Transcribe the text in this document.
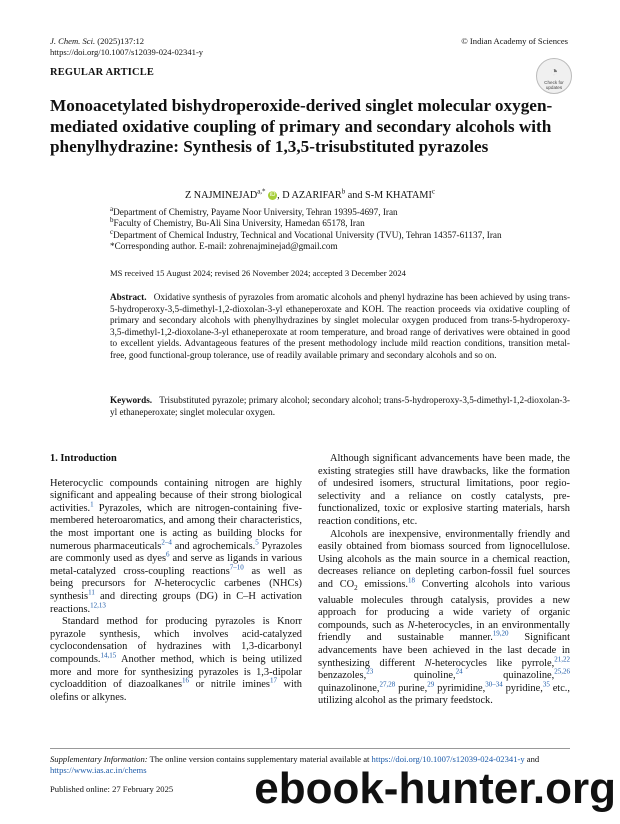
J. Chem. Sci. (2025)137:12
https://doi.org/10.1007/s12039-024-02341-y
© Indian Academy of Sciences
REGULAR ARTICLE	◔
Check for
updates
Monoacetylated bishydroperoxide-derived singlet molecular oxygen-mediated oxidative coupling of primary and secondary alcohols with phenylhydrazine: Synthesis of 1,3,5-trisubstituted pyrazoles
Z $NAJMINEJAD^{a,*}$ iD , D AZARIFAR$^b$ and S-M KHATAMI$^c$
$^a$Department of Chemistry, Payame Noor University, Tehran 19395-4697, Iran
$^b$Faculty of Chemistry, Bu-Ali Sina University, Hamedan 65178, Iran
$^c$Department of Chemical Industry, Technical and Vocational University (TVU), Tehran 14357-61137, Iran
*Corresponding author. E-mail: zohrenajminejad@gmail.com
MS received 15 August 2024; revised 26 November 2024; accepted 3 December 2024
Abstract. Oxidative synthesis of pyrazoles from aromatic alcohols and phenyl hydrazine has been achieved by using trans-5-hydroperoxy-3,5-dimethyl-1,2-dioxolan-3-yl ethaneperoxate and KOH. The reaction proceeds via oxidative coupling of primary and secondary alcohols with phenylhydrazines by singlet molecular oxygen produced from trans-5-hydroperoxy-3,5-dimethyl-1,2-dioxolane-3-yl ethaneperoxate at room temperature, and broad range of derivatives were obtained in good to excellent yields. Advantageous features of the present methodology include mild reaction conditions, transition metal-free, good functional-group tolerance, use of readily available primary and secondary alcohols and so on.
Keywords. Trisubstituted pyrazole; primary alcohol; secondary alcohol; trans-5-hydroperoxy-3,5-dimethyl-1,2-dioxolan-3-yl ethaneperoxate; singlet molecular oxygen.
1. Introduction

Heterocyclic compounds containing nitrogen are highly significant and appealing because of their strong biological activities.$^1$ Pyrazoles, which are nitrogen-containing five-membered heteroaromatics, and among their characteristics, the most important one is acting as building blocks for numerous pharmaceuticals$^{2-4}$ and agrochemicals.$^5$ Pyrazoles are commonly used as dyes$^6$ and serve as ligands in various metal-catalyzed cross-coupling reactions$^{7-10}$ as well as being precursors for N-heterocyclic carbenes (NHCs) synthesis$^{11}$ and directing groups (DG) in C–H activation reactions.$^{12,13}$

Standard method for producing pyrazoles is Knorr pyrazole synthesis, which involves acid-catalyzed cyclocondensation of hydrazines with 1,3-dicarbonyl compounds.$^{14,15}$ Another method, which is being utilized more and more for synthesizing pyrazoles is 1,3-dipolar cycloaddition of diazoalkanes$^{16}$ or nitrile imines$^{17}$ with olefins or alkynes.

Although significant advancements have been made, the existing strategies still have drawbacks, like the formation of undesired isomers, structural limitations, poor regio-selectivity and a reliance on costly catalysts, pre-functionalized, toxic or explosive starting materials, harsh reaction conditions, etc.

Alcohols are inexpensive, environmentally friendly and easily obtained from biomass sourced from lignocellulose. Using alcohols as the main source in a chemical reaction, decreases reliance on depleting carbon-fossil fuel sources and $CO_2$ emissions.$^{18}$ Converting alcohols into various valuable molecules through catalysis, provides a new approach for producing a wide variety of organic compounds, such as N-heterocycles, in an environmentally friendly and sustainable manner.$^{19,20}$ Significant advancements have been achieved in the last decade in synthesizing different N-heterocycles like pyrrole,$^{21,22}$ benzazoles,$^{23}$ quinoline,$^{24}$ quinazoline,$^{25,26}$ quinazolinone,$^{27,28}$ purine,$^{29}$ pyrimidine,$^{30-34}$ pyridine,$^{35}$ etc., utilizing alcohol as the primary feedstock.

Supplementary Information: The online version contains supplementary material available at https://doi.org/10.1007/s12039-024-02341-y and https://www.ias.ac.in/chems
Published online: 27 February 2025 ebook-hunter.org
